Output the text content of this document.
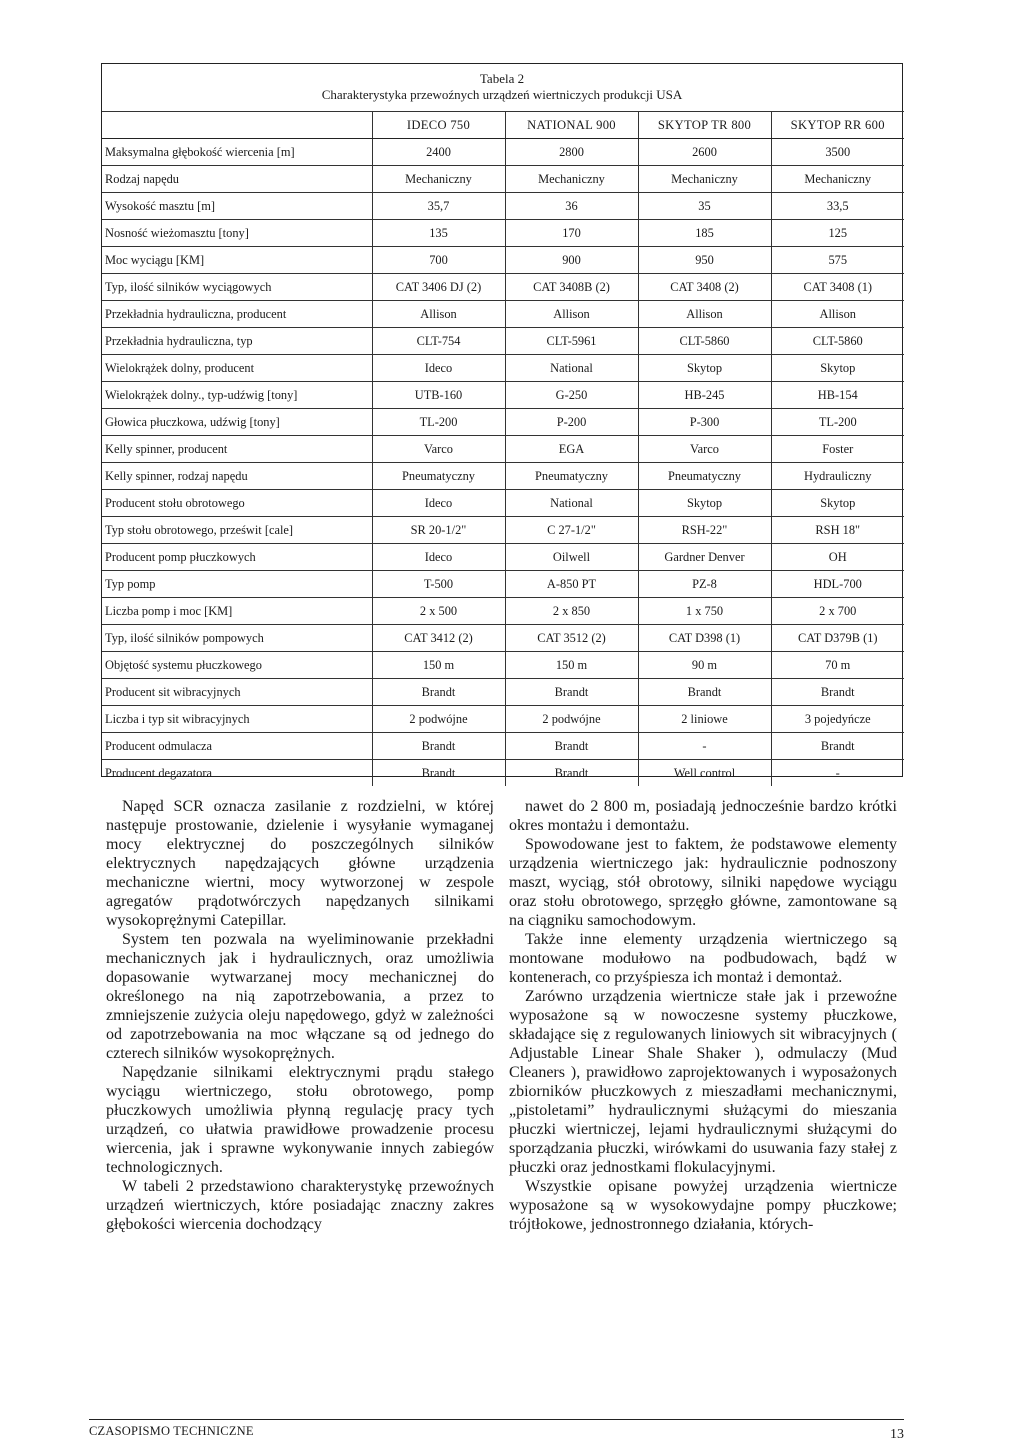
Tabela 2
Charakterystyka przewoźnych urządzeń wiertniczych produkcji USA
	IDECO 750	NATIONAL 900	SKYTOP TR 800	SKYTOP RR 600
Maksymalna głębokość wiercenia [m]	2400	2800	2600	3500
Rodzaj napędu	Mechaniczny	Mechaniczny	Mechaniczny	Mechaniczny
Wysokość masztu [m]	35,7	36	35	33,5
Nosność wieżomasztu [tony]	135	170	185	125
Moc wyciągu [KM]	700	900	950	575
Typ, ilość silników wyciągowych	CAT 3406 DJ (2)	CAT 3408B (2)	CAT 3408 (2)	CAT 3408 (1)
Przekładnia hydrauliczna, producent	Allison	Allison	Allison	Allison
Przekładnia hydrauliczna, typ	CLT-754	CLT-5961	CLT-5860	CLT-5860
Wielokrążek dolny, producent	Ideco	National	Skytop	Skytop
Wielokrążek dolny., typ-udźwig [tony]	UTB-160	G-250	HB-245	HB-154
Głowica płuczkowa, udźwig [tony]	TL-200	P-200	P-300	TL-200
Kelly spinner, producent	Varco	EGA	Varco	Foster
Kelly spinner, rodzaj napędu	Pneumatyczny	Pneumatyczny	Pneumatyczny	Hydrauliczny
Producent stołu obrotowego	Ideco	National	Skytop	Skytop
Typ stołu obrotowego, prześwit [cale]	SR 20-1/2"	C 27-1/2"	RSH-22"	RSH 18"
Producent pomp płuczkowych	Ideco	Oilwell	Gardner Denver	OH
Typ pomp	T-500	A-850 PT	PZ-8	HDL-700
Liczba pomp i moc [KM]	2 x 500	2 x 850	1 x 750	2 x 700
Typ, ilość silników pompowych	CAT 3412 (2)	CAT 3512 (2)	CAT D398 (1)	CAT D379B (1)
Objętość systemu płuczkowego	150 m	150 m	90 m	70 m
Producent sit wibracyjnych	Brandt	Brandt	Brandt	Brandt
Liczba i typ sit wibracyjnych	2 podwójne	2 podwójne	2 liniowe	3 pojedyńcze
Producent odmulacza	Brandt	Brandt	-	Brandt
Producent degazatora	Brandt	Brandt	Well control	-

Napęd SCR oznacza zasilanie z rozdzielni, w której następuje prostowanie, dzielenie i wysyłanie wymaganej mocy elektrycznej do poszczególnych silników elektrycznych napędzających główne urządzenia mechaniczne wiertni, mocy wytworzonej w zespole agregatów prądotwórczych napędzanych silnikami wysokoprężnymi Catepillar.

System ten pozwala na wyeliminowanie przekładni mechanicznych jak i hydraulicznych, oraz umożliwia dopasowanie wytwarzanej mocy mechanicznej do określonego na nią zapotrzebowania, a przez to zmniejszenie zużycia oleju napędowego, gdyż w zależności od zapotrzebowania na moc włączane są od jednego do czterech silników wysokoprężnych.

Napędzanie silnikami elektrycznymi prądu stałego wyciągu wiertniczego, stołu obrotowego, pomp płuczkowych umożliwia płynną regulację pracy tych urządzeń, co ułatwia prawidłowe prowadzenie procesu wiercenia, jak i sprawne wykonywanie innych zabiegów technologicznych.

W tabeli 2 przedstawiono charakterystykę przewoźnych urządzeń wiertniczych, które posiadając znaczny zakres głębokości wiercenia dochodzący

nawet do 2 800 m, posiadają jednocześnie bardzo krótki okres montażu i demontażu.

Spowodowane jest to faktem, że podstawowe elementy urządzenia wiertniczego jak: hydraulicznie podnoszony maszt, wyciąg, stół obrotowy, silniki napędowe wyciągu oraz stołu obrotowego, sprzęgło główne, zamontowane są na ciągniku samochodowym.

Także inne elementy urządzenia wiertniczego są montowane modułowo na podbudowach, bądź w kontenerach, co przyśpiesza ich montaż i demontaż.

Zarówno urządzenia wiertnicze stałe jak i przewoźne wyposażone są w nowoczesne systemy płuczkowe, składające się z regulowanych liniowych sit wibracyjnych ( Adjustable Linear Shale Shaker ), odmulaczy (Mud Cleaners ), prawidłowo zaprojektowanych i wyposażonych zbiorników płuczkowych z mieszadłami mechanicznymi, „pistoletami” hydraulicznymi służącymi do mieszania płuczki wiertniczej, lejami hydraulicznymi służącymi do sporządzania płuczki, wirówkami do usuwania fazy stałej z płuczki oraz jednostkami flokulacyjnymi.

Wszystkie opisane powyżej urządzenia wiertnicze wyposażone są w wysokowydajne pompy płuczkowe; trójtłokowe, jednostronnego działania, których-

CZASOPISMO TECHNICZNE	13
